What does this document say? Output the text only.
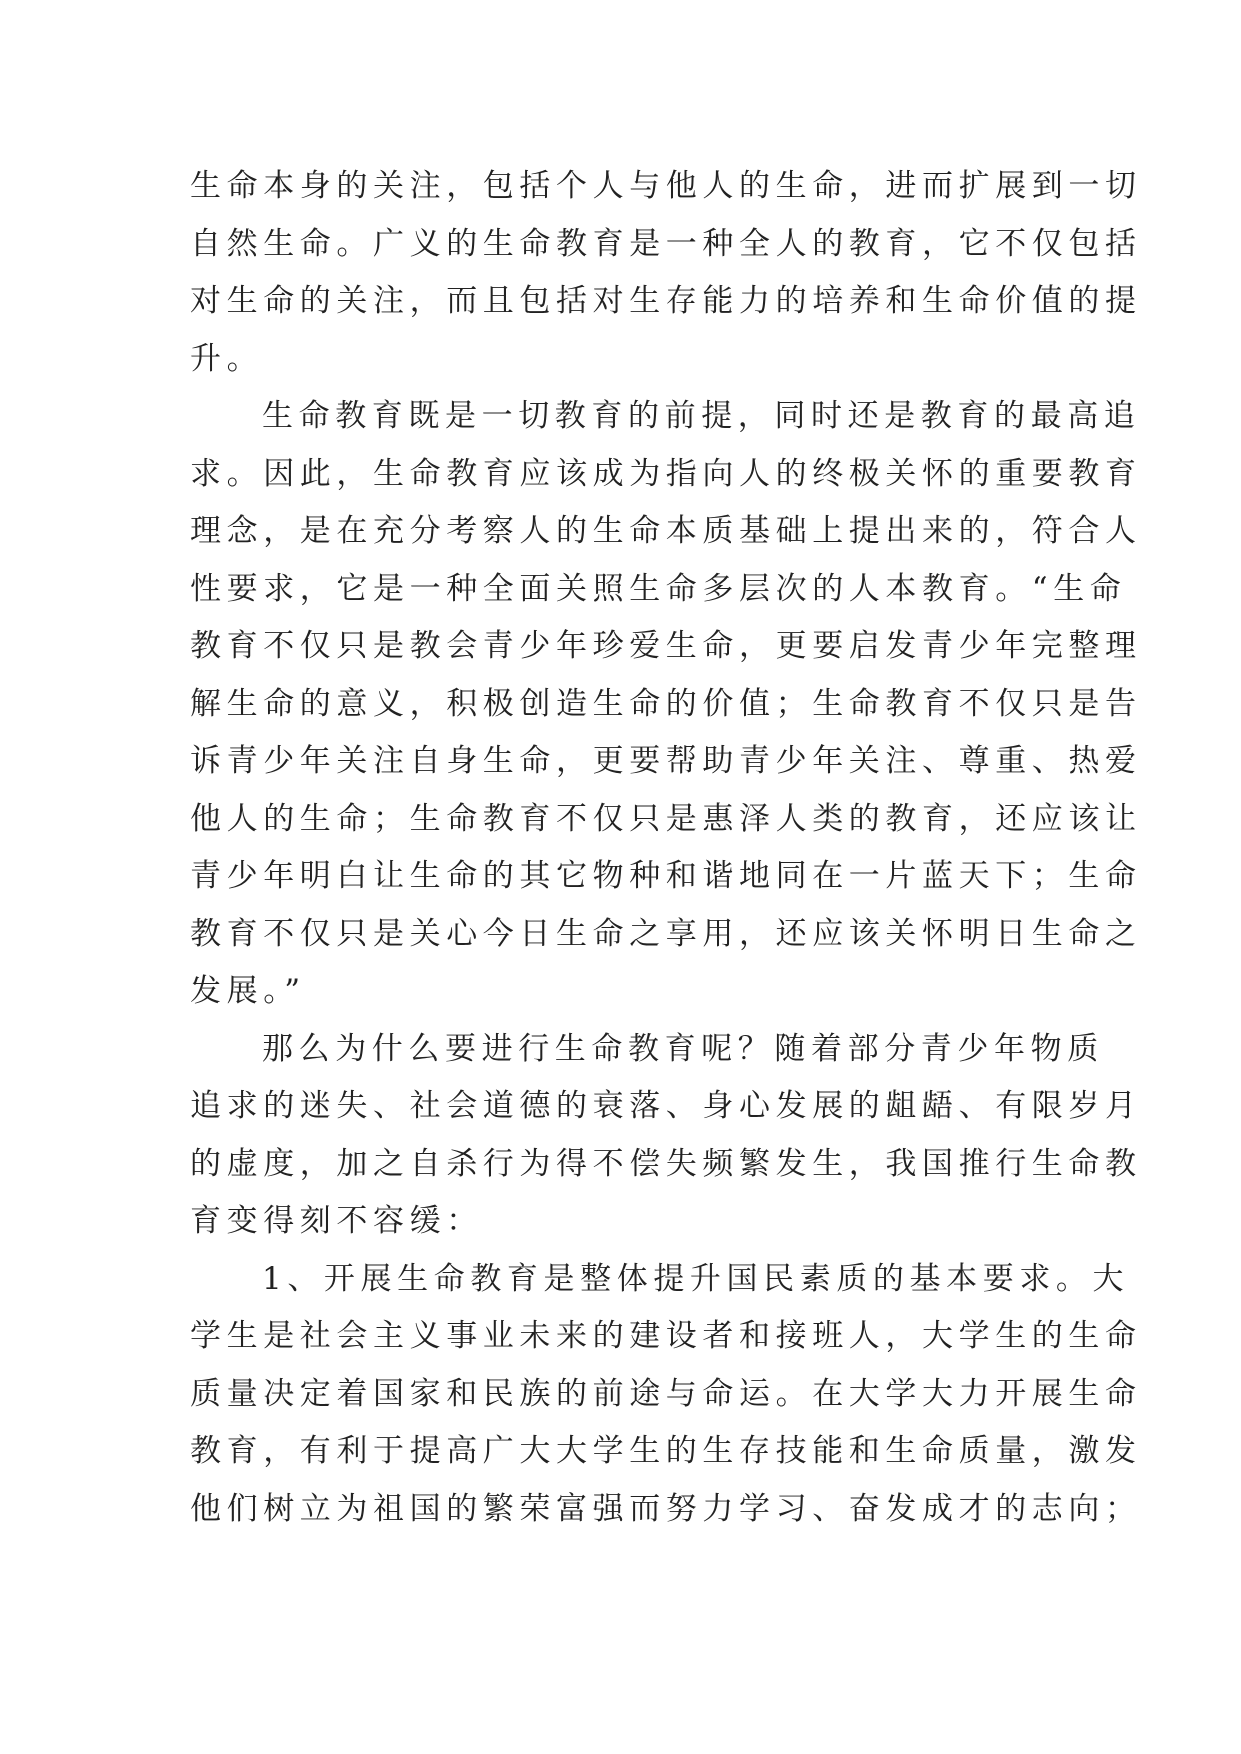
生命本身的关注，包括个人与他人的生命，进而扩展到一切
自然生命。广义的生命教育是一种全人的教育，它不仅包括
对生命的关注，而且包括对生存能力的培养和生命价值的提
升。
生命教育既是一切教育的前提，同时还是教育的最高追
求。因此，生命教育应该成为指向人的终极关怀的重要教育
理念，是在充分考察人的生命本质基础上提出来的，符合人
性要求，它是一种全面关照生命多层次的人本教育。“生命
教育不仅只是教会青少年珍爱生命，更要启发青少年完整理
解生命的意义，积极创造生命的价值；生命教育不仅只是告
诉青少年关注自身生命，更要帮助青少年关注、尊重、热爱
他人的生命；生命教育不仅只是惠泽人类的教育，还应该让
青少年明白让生命的其它物种和谐地同在一片蓝天下；生命
教育不仅只是关心今日生命之享用，还应该关怀明日生命之
发展。”
那么为什么要进行生命教育呢？随着部分青少年物质
追求的迷失、社会道德的衰落、身心发展的龃龉、有限岁月
的虚度，加之自杀行为得不偿失频繁发生，我国推行生命教
育变得刻不容缓：
1、开展生命教育是整体提升国民素质的基本要求。大
学生是社会主义事业未来的建设者和接班人，大学生的生命
质量决定着国家和民族的前途与命运。在大学大力开展生命
教育，有利于提高广大大学生的生存技能和生命质量，激发
他们树立为祖国的繁荣富强而努力学习、奋发成才的志向；
